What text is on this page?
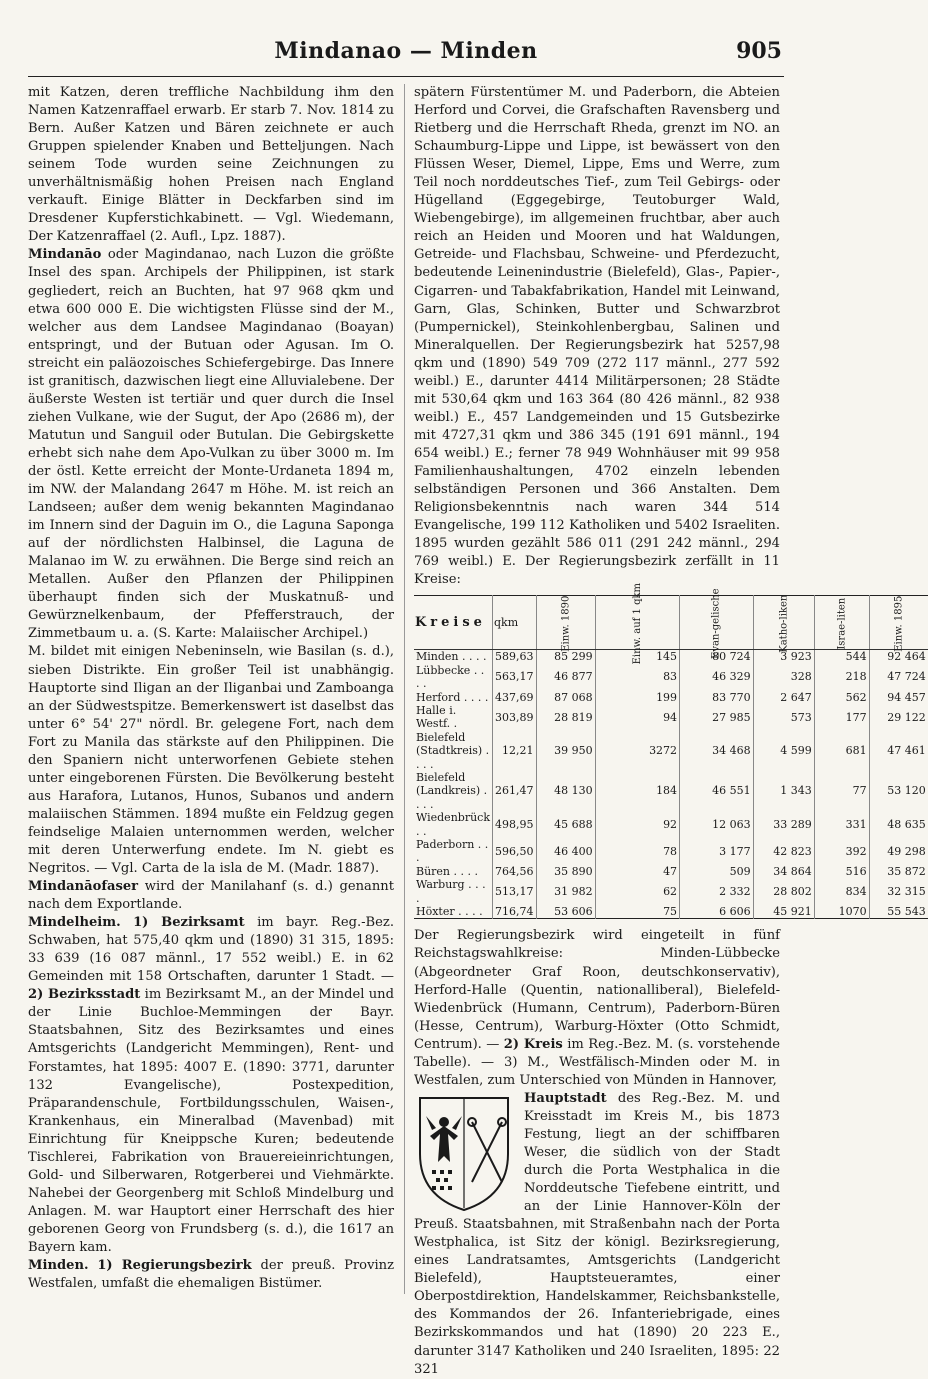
Mindanao — Minden	905

mit Katzen, deren treffliche Nachbildung ihm den Namen Katzenraffael erwarb. Er starb 7. Nov. 1814 zu Bern. Außer Katzen und Bären zeichnete er auch Gruppen spielender Knaben und Betteljungen. Nach seinem Tode wurden seine Zeichnungen zu unverhältnismäßig hohen Preisen nach England verkauft. Einige Blätter in Deckfarben sind im Dresdener Kupferstichkabinett. — Vgl. Wiedemann, Der Katzenraffael (2. Aufl., Lpz. 1887).

Mindanāo oder Magindanao, nach Luzon die größte Insel des span. Archipels der Philippinen, ist stark gegliedert, reich an Buchten, hat 97 968 qkm und etwa 600 000 E. Die wichtigsten Flüsse sind der M., welcher aus dem Landsee Magindanao (Boayan) entspringt, und der Butuan oder Agusan. Im O. streicht ein paläozoisches Schiefergebirge. Das Innere ist granitisch, dazwischen liegt eine Alluvialebene. Der äußerste Westen ist tertiär und quer durch die Insel ziehen Vulkane, wie der Sugut, der Apo (2686 m), der Matutun und Sanguil oder Butulan. Die Gebirgskette erhebt sich nahe dem Apo-Vulkan zu über 3000 m. Im der östl. Kette erreicht der Monte-Urdaneta 1894 m, im NW. der Malandang 2647 m Höhe. M. ist reich an Landseen; außer dem wenig bekannten Magindanao im Innern sind der Daguin im O., die Laguna Saponga auf der nördlichsten Halbinsel, die Laguna de Malanao im W. zu erwähnen. Die Berge sind reich an Metallen. Außer den Pflanzen der Philippinen überhaupt finden sich der Muskatnuß- und Gewürznelkenbaum, der Pfefferstrauch, der Zimmetbaum u. a. (S. Karte: Malaiischer Archipel.)

M. bildet mit einigen Nebeninseln, wie Basilan (s. d.), sieben Distrikte. Ein großer Teil ist unabhängig. Hauptorte sind Iligan an der Iliganbai und Zamboanga an der Südwestspitze. Bemerkenswert ist daselbst das unter 6° 54' 27" nördl. Br. gelegene Fort, nach dem Fort zu Manila das stärkste auf den Philippinen. Die den Spaniern nicht unterworfenen Gebiete stehen unter eingeborenen Fürsten. Die Bevölkerung besteht aus Harafora, Lutanos, Hunos, Subanos und andern malaiischen Stämmen. 1894 mußte ein Feldzug gegen feindselige Malaien unternommen werden, welcher mit deren Unterwerfung endete. Im N. giebt es Negritos. — Vgl. Carta de la isla de M. (Madr. 1887).

Mindanāofaser wird der Manilahanf (s. d.) genannt nach dem Exportlande.

Mindelheim. 1) Bezirksamt im bayr. Reg.-Bez. Schwaben, hat 575,40 qkm und (1890) 31 315, 1895: 33 639 (16 087 männl., 17 552 weibl.) E. in 62 Gemeinden mit 158 Ortschaften, darunter 1 Stadt. — 2) Bezirksstadt im Bezirksamt M., an der Mindel und der Linie Buchloe-Memmingen der Bayr. Staatsbahnen, Sitz des Bezirksamtes und eines Amtsgerichts (Landgericht Memmingen), Rent- und Forstamtes, hat 1895: 4007 E. (1890: 3771, darunter 132 Evangelische), Postexpedition, Präparandenschule, Fortbildungsschulen, Waisen-, Krankenhaus, ein Mineralbad (Mavenbad) mit Einrichtung für Kneippsche Kuren; bedeutende Tischlerei, Fabrikation von Brauereieinrichtungen, Gold- und Silberwaren, Rotgerberei und Viehmärkte. Nahebei der Georgenberg mit Schloß Mindelburg und Anlagen. M. war Hauptort einer Herrschaft des hier geborenen Georg von Frundsberg (s. d.), die 1617 an Bayern kam.

Minden. 1) Regierungsbezirk der preuß. Provinz Westfalen, umfaßt die ehemaligen Bistümer.

spätern Fürstentümer M. und Paderborn, die Abteien Herford und Corvei, die Grafschaften Ravensberg und Rietberg und die Herrschaft Rheda, grenzt im NO. an Schaumburg-Lippe und Lippe, ist bewässert von den Flüssen Weser, Diemel, Lippe, Ems und Werre, zum Teil noch norddeutsches Tief-, zum Teil Gebirgs- oder Hügelland (Eggegebirge, Teutoburger Wald, Wiebengebirge), im allgemeinen fruchtbar, aber auch reich an Heiden und Mooren und hat Waldungen, Getreide- und Flachsbau, Schweine- und Pferdezucht, bedeutende Leinenindustrie (Bielefeld), Glas-, Papier-, Cigarren- und Tabakfabrikation, Handel mit Leinwand, Garn, Glas, Schinken, Butter und Schwarzbrot (Pumpernickel), Steinkohlenbergbau, Salinen und Mineralquellen. Der Regierungsbezirk hat 5257,98 qkm und (1890) 549 709 (272 117 männl., 277 592 weibl.) E., darunter 4414 Militärpersonen; 28 Städte mit 530,64 qkm und 163 364 (80 426 männl., 82 938 weibl.) E., 457 Landgemeinden und 15 Gutsbezirke mit 4727,31 qkm und 386 345 (191 691 männl., 194 654 weibl.) E.; ferner 78 949 Wohnhäuser mit 99 958 Familienhaushaltungen, 4702 einzeln lebenden selbständigen Personen und 366 Anstalten. Dem Religionsbekenntnis nach waren 344 514 Evangelische, 199 112 Katholiken und 5402 Israeliten. 1895 wurden gezählt 586 011 (291 242 männl., 294 769 weibl.) E. Der Regierungsbezirk zerfällt in 11 Kreise:

Kreise	qkm	Einw. 1890	Einw. auf 1 qkm	Evan-gelische	Katho-liken	Israe-liten	Einw. 1895
Minden . . . .	589,63	85 299	145	80 724	3 923	544	92 464
Lübbecke . . . .	563,17	46 877	83	46 329	328	218	47 724
Herford . . . .	437,69	87 068	199	83 770	2 647	562	94 457
Halle i. Westf. .	303,89	28 819	94	27 985	573	177	29 122
Bielefeld (Stadtkreis) . . . .	12,21	39 950	3272	34 468	4 599	681	47 461
Bielefeld (Landkreis) . . . .	261,47	48 130	184	46 551	1 343	77	53 120
Wiedenbrück . .	498,95	45 688	92	12 063	33 289	331	48 635
Paderborn . . .	596,50	46 400	78	3 177	42 823	392	49 298
Büren . . . .	764,56	35 890	47	509	34 864	516	35 872
Warburg . . . .	513,17	31 982	62	2 332	28 802	834	32 315
Höxter . . . .	716,74	53 606	75	6 606	45 921	1070	55 543

Der Regierungsbezirk wird eingeteilt in fünf Reichstagswahlkreise: Minden-Lübbecke (Abgeordneter Graf Roon, deutschkonservativ), Herford-Halle (Quentin, nationalliberal), Bielefeld-Wiedenbrück (Humann, Centrum), Paderborn-Büren (Hesse, Centrum), Warburg-Höxter (Otto Schmidt, Centrum). — 2) Kreis im Reg.-Bez. M. (s. vorstehende Tabelle). — 3) M., Westfälisch-Minden oder M. in Westfalen, zum Unterschied von Münden in Hannover,

Hauptstadt des Reg.-Bez. M. und Kreisstadt im Kreis M., bis 1873 Festung, liegt an der schiffbaren Weser, die südlich von der Stadt durch die Porta Westphalica in die Norddeutsche Tiefebene eintritt, und an der Linie Hannover-Köln der Preuß. Staatsbahnen, mit Straßenbahn nach der Porta Westphalica, ist Sitz der königl. Bezirksregierung, eines Landratsamtes, Amtsgerichts (Landgericht Bielefeld), Hauptsteueramtes, einer Oberpostdirektion, Handelskammer, Reichsbankstelle, des Kommandos der 26. Infanteriebrigade, eines Bezirkskommandos und hat (1890) 20 223 E., darunter 3147 Katholiken und 240 Israeliten, 1895: 22 321
